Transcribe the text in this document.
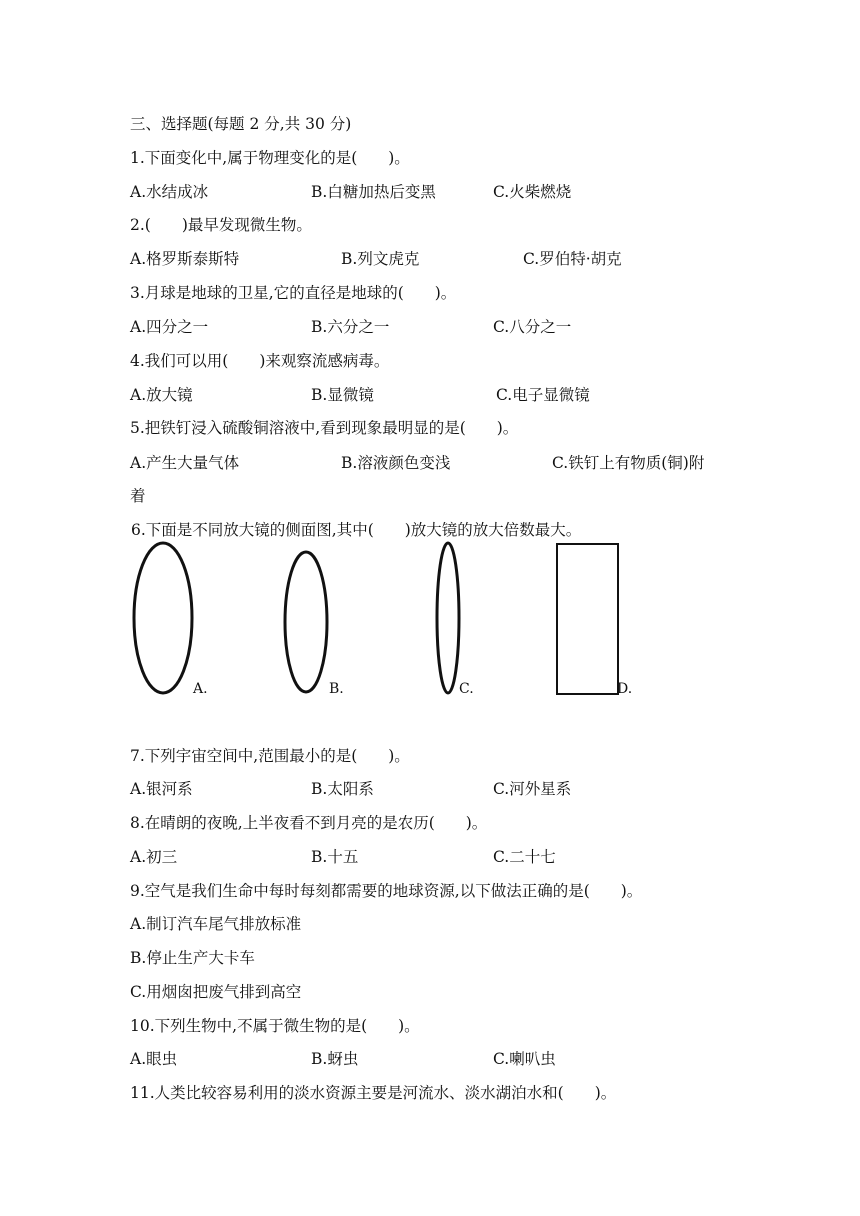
三、选择题(每题 2 分,共 30 分)
1.下面变化中,属于物理变化的是(　　)。
A.水结成冰	B.白糖加热后变黑	C.火柴燃烧
2.(　　)最早发现微生物。
A.格罗斯泰斯特	B.列文虎克	C.罗伯特·胡克
3.月球是地球的卫星,它的直径是地球的(　　)。
A.四分之一	B.六分之一	C.八分之一
4.我们可以用(　　)来观察流感病毒。
A.放大镜	B.显微镜	C.电子显微镜
5.把铁钉浸入硫酸铜溶液中,看到现象最明显的是(　　)。
A.产生大量气体	B.溶液颜色变浅	C.铁钉上有物质(铜)附
着
6.下面是不同放大镜的侧面图,其中(　　)放大镜的放大倍数最大。
A.	B.	C.	D.
7.下列宇宙空间中,范围最小的是(　　)。
A.银河系	B.太阳系	C.河外星系
8.在晴朗的夜晚,上半夜看不到月亮的是农历(　　)。
A.初三	B.十五	C.二十七
9.空气是我们生命中每时每刻都需要的地球资源,以下做法正确的是(　　)。
A.制订汽车尾气排放标准
B.停止生产大卡车
C.用烟囱把废气排到高空
10.下列生物中,不属于微生物的是(　　)。
A.眼虫	B.蚜虫	C.喇叭虫
11.人类比较容易利用的淡水资源主要是河流水、淡水湖泊水和(　　)。
